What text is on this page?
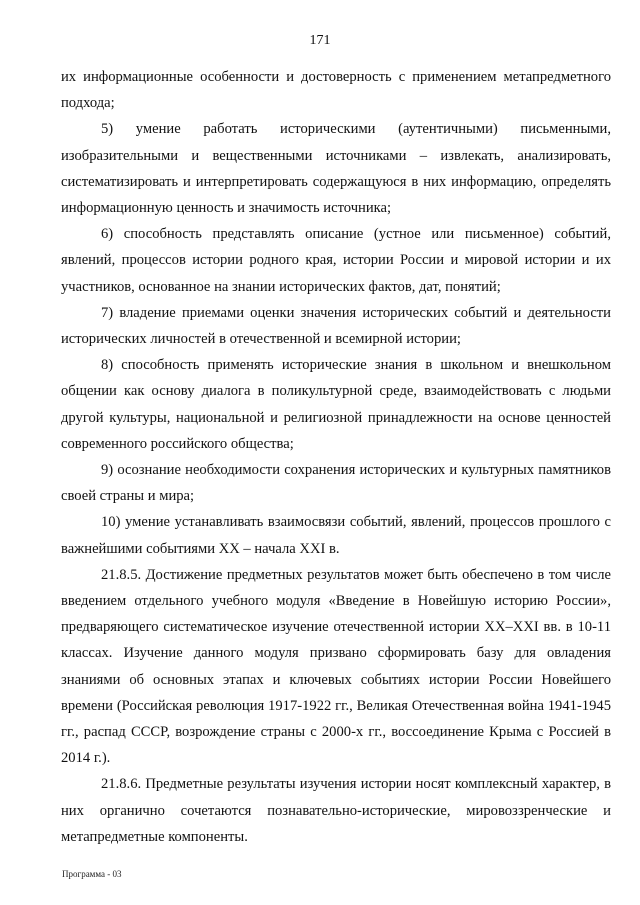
171

их информационные особенности и достоверность с применением метапредметного подхода;

5) умение работать историческими (аутентичными) письменными, изобразительными и вещественными источниками – извлекать, анализировать, систематизировать и интерпретировать содержащуюся в них информацию, определять информационную ценность и значимость источника;

6) способность представлять описание (устное или письменное) событий, явлений, процессов истории родного края, истории России и мировой истории и их участников, основанное на знании исторических фактов, дат, понятий;

7) владение приемами оценки значения исторических событий и деятельности исторических личностей в отечественной и всемирной истории;

8) способность применять исторические знания в школьном и внешкольном общении как основу диалога в поликультурной среде, взаимодействовать с людьми другой культуры, национальной и религиозной принадлежности на основе ценностей современного российского общества;

9) осознание необходимости сохранения исторических и культурных памятников своей страны и мира;

10) умение устанавливать взаимосвязи событий, явлений, процессов прошлого с важнейшими событиями XX – начала XXI в.

21.8.5. Достижение предметных результатов может быть обеспечено в том числе введением отдельного учебного модуля «Введение в Новейшую историю России», предваряющего систематическое изучение отечественной истории XX–XXI вв. в 10-11 классах. Изучение данного модуля призвано сформировать базу для овладения знаниями об основных этапах и ключевых событиях истории России Новейшего времени (Российская революция 1917-1922 гг., Великая Отечественная война 1941-1945 гг., распад СССР, возрождение страны с 2000-х гг., воссоединение Крыма с Россией в 2014 г.).

21.8.6. Предметные результаты изучения истории носят комплексный характер, в них органично сочетаются познавательно-исторические, мировоззренческие и метапредметные компоненты.

Программа - 03
